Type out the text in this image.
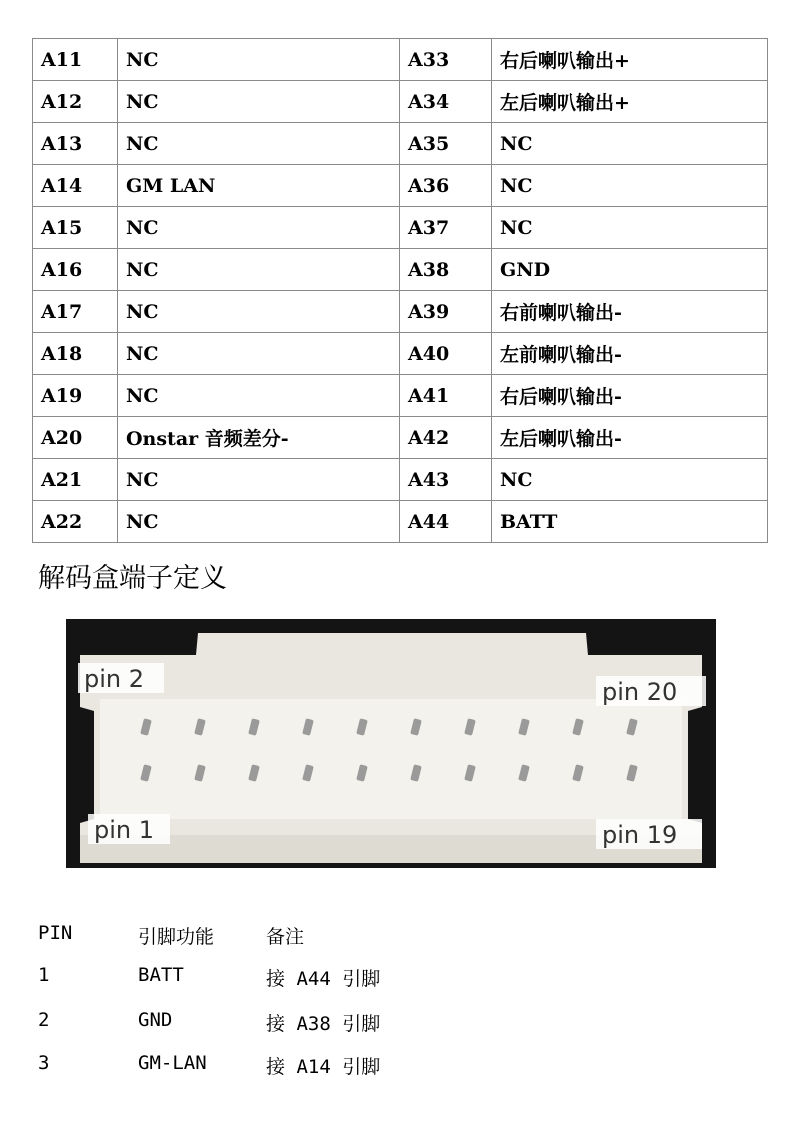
A11	NC	A33	右后喇叭输出+
A12	NC	A34	左后喇叭输出+
A13	NC	A35	NC
A14	GM LAN	A36	NC
A15	NC	A37	NC
A16	NC	A38	GND
A17	NC	A39	右前喇叭输出-
A18	NC	A40	左前喇叭输出-
A19	NC	A41	右后喇叭输出-
A20	Onstar 音频差分-	A42	左后喇叭输出-
A21	NC	A43	NC
A22	NC	A44	BATT
解码盒端子定义
pin 2	pin 20
pin 1	pin 19
PIN	引脚功能	备注
1	BATT	接 A44 引脚
2	GND	接 A38 引脚
3	GM-LAN	接 A14 引脚
